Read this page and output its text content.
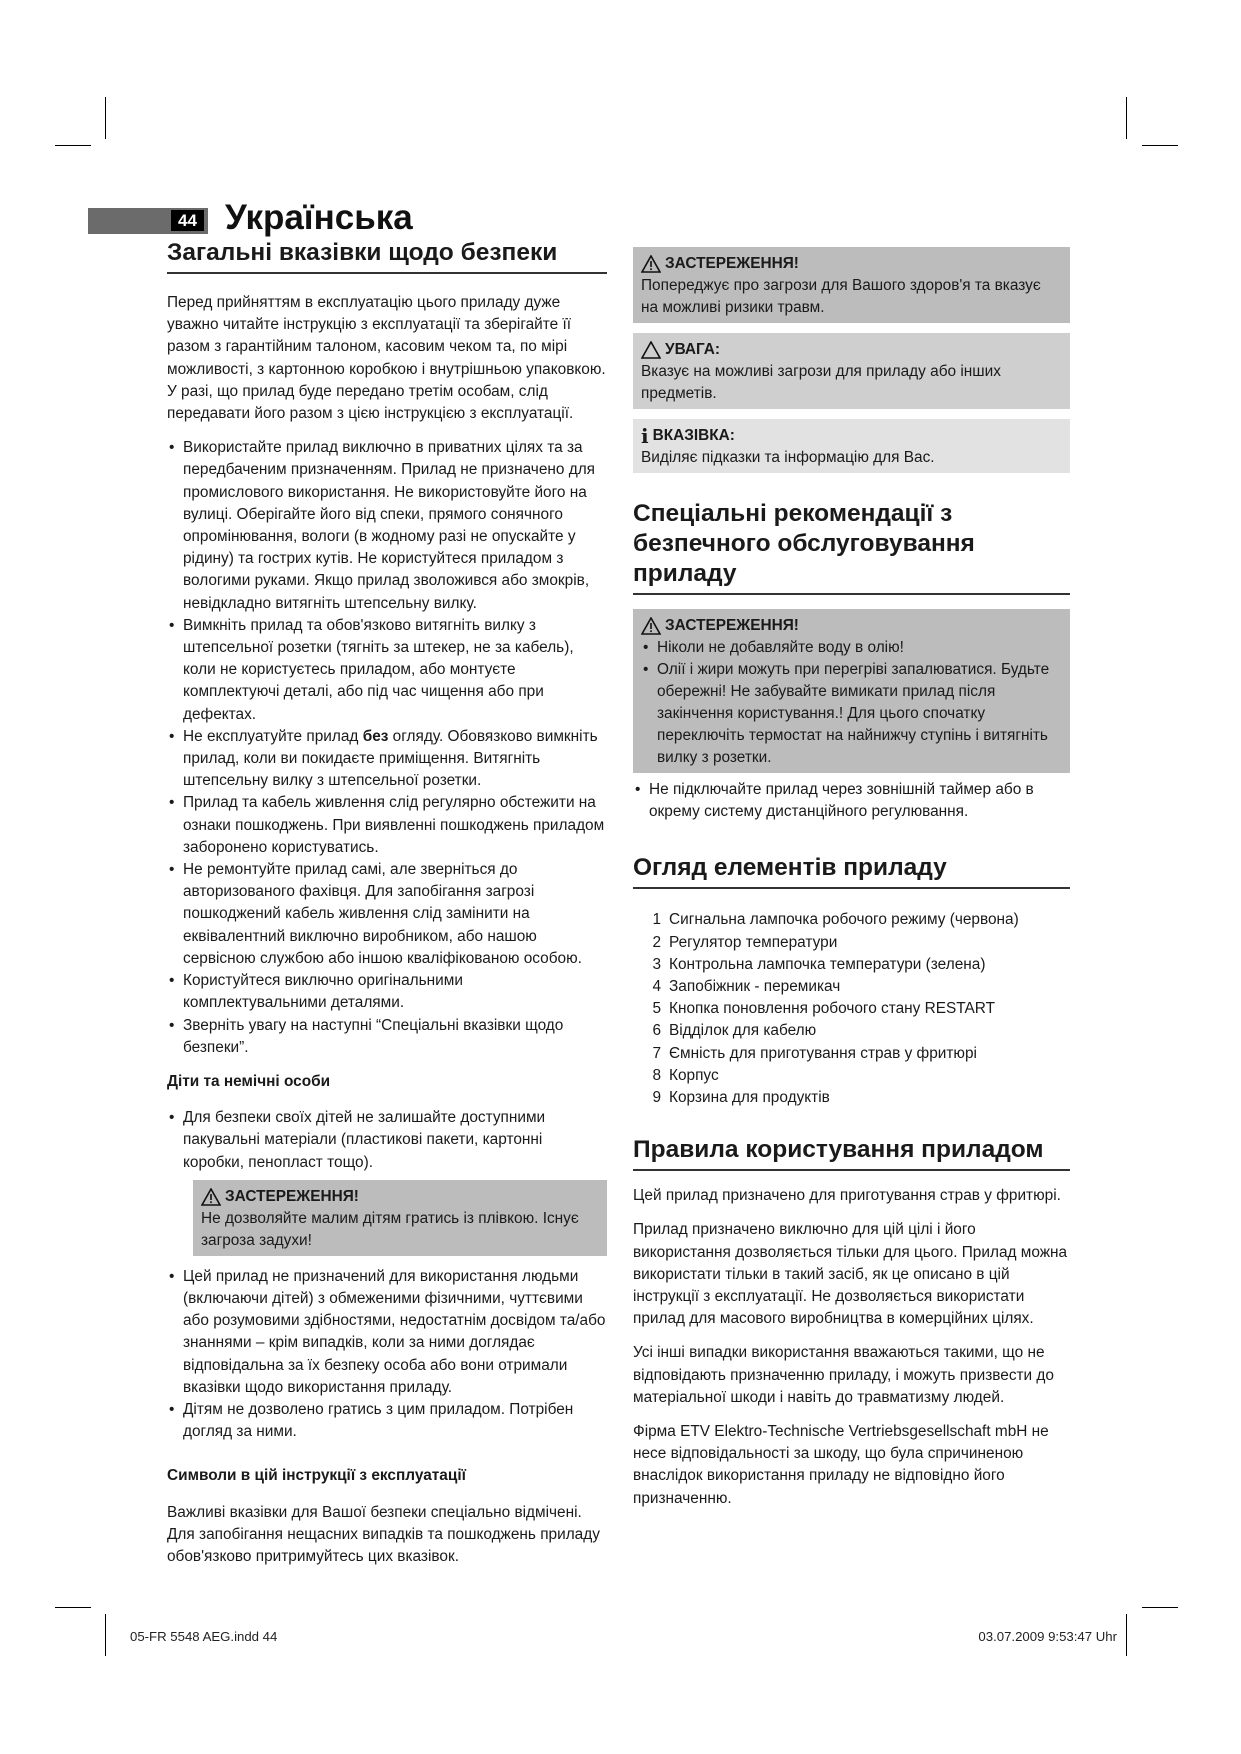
44 Українська
Загальні вказівки щодо безпеки

Перед прийняттям в експлуатацію цього приладу дуже уважно читайте інструкцію з експлуатації та зберігайте її разом з гарантійним талоном, касовим чеком та, по мірі можливості, з картонною коробкою і внутрішньою упаковкою. У разі, що прилад буде передано третім особам, слід передавати його разом з цією інструкцією з експлуатації.

• Використайте прилад виключно в приватних цілях та за передбаченим призначенням. Прилад не призначено для промислового використання. Не використовуйте його на вулиці. Оберігайте його від спеки, прямого сонячного опромінювання, вологи (в жодному разі не опускайте у рідину) та гострих кутів. Не користуйтеся приладом з вологими руками. Якщо прилад зволожився або змокрів, невідкладно витягніть штепсельну вилку.
• Вимкніть прилад та обов'язково витягніть вилку з штепсельної розетки (тягніть за штекер, не за кабель), коли не користуєтесь приладом, або монтуєте комплектуючі деталі, або під час чищення або при дефектах.
• Не експлуатуйте прилад без огляду. Обовязково вимкніть прилад, коли ви покидаєте приміщення. Витягніть штепсельну вилку з штепсельної розетки.
• Прилад та кабель живлення слід регулярно обстежити на ознаки пошкоджень. При виявленні пошкоджень приладом заборонено користуватись.
• Не ремонтуйте прилад самі, але зверніться до авторизованого фахівця. Для запобігання загрозі пошкоджений кабель живлення слід замінити на еквівалентний виключно виробником, або нашою сервісною службою або іншою кваліфікованою особою.
• Користуйтеся виключно оригінальними комплектувальними деталями.
• Зверніть увагу на наступні “Спеціальні вказівки щодо безпеки”.
Діти та немічні особи
• Для безпеки своїх дітей не залишайте доступними пакувальні матеріали (пластикові пакети, картонні коробки, пенопласт тощо).
ЗАСТЕРЕЖЕННЯ!
Не дозволяйте малим дітям гратись із плівкою. Існує загроза задухи!
• Цей прилад не призначений для використання людьми (включаючи дітей) з обмеженими фізичними, чуттєвими або розумовими здібностями, недостатнім досвідом та/або знаннями – крім випадків, коли за ними доглядає відповідальна за їх безпеку особа або вони отримали вказівки щодо використання приладу.
• Дітям не дозволено гратись з цим приладом. Потрібен догляд за ними.
Символи в цій інструкції з експлуатації

Важливі вказівки для Вашої безпеки спеціально відмічені. Для запобігання нещасних випадків та пошкоджень приладу обов'язково притримуйтесь цих вказівок.

ЗАСТЕРЕЖЕННЯ!
Попереджує про загрози для Вашого здоров'я та вказує на можливі ризики травм.
УВАГА:
Вказує на можливі загрози для приладу або інших предметів.
i ВКАЗІВКА:
Виділяє підказки та інформацію для Вас.
Спеціальні рекомендації з безпечного обслуговування приладу
ЗАСТЕРЕЖЕННЯ!
• Ніколи не добавляйте воду в олію!
• Олії і жири можуть при перегріві запалюватися. Будьте обережні! Не забувайте вимикати прилад після закінчення користування.! Для цього спочатку переключіть термостат на найнижчу ступінь і витягніть вилку з розетки.
• Не підключайте прилад через зовнішній таймер або в окрему систему дистанційного регулювання.
Огляд елементів приладу
1 Сигнальна лампочка робочого режиму (червона)
2 Регулятор температури
3 Контрольна лампочка температури (зелена)
4 Запобіжник - перемикач
5 Кнопка поновлення робочого стану RESTART
6 Відділок для кабелю
7 Ємність для приготування страв у фритюрі
8 Корпус
9 Корзина для продуктів
Правила користування приладом

Цей прилад призначено для приготування страв у фритюрі.

Прилад призначено виключно для цій цілі і його використання дозволяється тільки для цього. Прилад можна використати тільки в такий засіб, як це описано в цій інструкції з експлуатації. Не дозволяється використати прилад для масового виробництва в комерційних цілях.

Усі інші випадки використання вважаються такими, що не відповідають призначенню приладу, і можуть призвести до матеріальної шкоди і навіть до травматизму людей.

Фірма ETV Elektro-Technische Vertriebsgesellschaft mbH не несе відповідальності за шкоду, що була спричиненою внаслідок використання приладу не відповідно його призначенню.

05-FR 5548 AEG.indd 44	03.07.2009 9:53:47 Uhr
